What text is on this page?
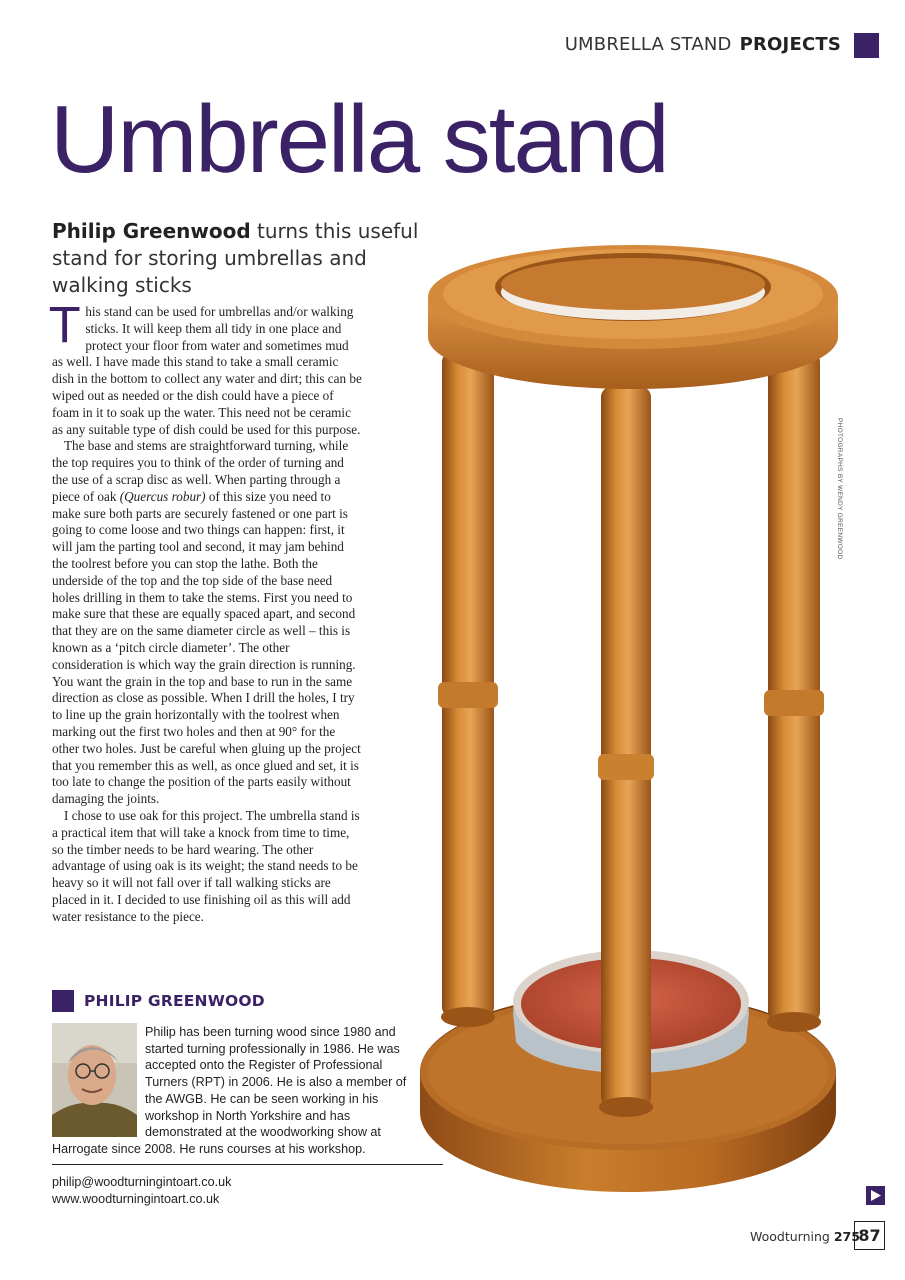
UMBRELLA STAND PROJECTS
Umbrella stand
Philip Greenwood turns this useful stand for storing umbrellas and walking sticks

This stand can be used for umbrellas and/or walking sticks. It will keep them all tidy in one place and protect your floor from water and sometimes mud as well. I have made this stand to take a small ceramic dish in the bottom to collect any water and dirt; this can be wiped out as needed or the dish could have a piece of foam in it to soak up the water. This need not be ceramic as any suitable type of dish could be used for this purpose.

The base and stems are straightforward turning, while the top requires you to think of the order of turning and the use of a scrap disc as well. When parting through a piece of oak (Quercus robur) of this size you need to make sure both parts are securely fastened or one part is going to come loose and two things can happen: first, it will jam the parting tool and second, it may jam behind the toolrest before you can stop the lathe. Both the underside of the top and the top side of the base need holes drilling in them to take the stems. First you need to make sure that these are equally spaced apart, and second that they are on the same diameter circle as well – this is known as a ‘pitch circle diameter’. The other consideration is which way the grain direction is running. You want the grain in the top and base to run in the same direction as close as possible. When I drill the holes, I try to line up the grain horizontally with the toolrest when marking out the first two holes and then at 90° for the other two holes. Just be careful when gluing up the project that you remember this as well, as once glued and set, it is too late to change the position of the parts easily without damaging the joints.

I chose to use oak for this project. The umbrella stand is a practical item that will take a knock from time to time, so the timber needs to be hard wearing. The other advantage of using oak is its weight; the stand needs to be heavy so it will not fall over if tall walking sticks are placed in it. I decided to use finishing oil as this will add water resistance to the piece.

PHOTOGRAPHS BY WENDY GREENWOOD
PHILIP GREENWOOD
Philip has been turning wood since 1980 and started turning professionally in 1986. He was accepted onto the Register of Professional Turners (RPT) in 2006. He is also a member of the AWGB. He can be seen working in his workshop in North Yorkshire and has demonstrated at the woodworking show at Harrogate since 2008. He runs courses at his workshop.
philip@woodturningintoart.co.uk
www.woodturningintoart.co.uk
Woodturning 275
87
